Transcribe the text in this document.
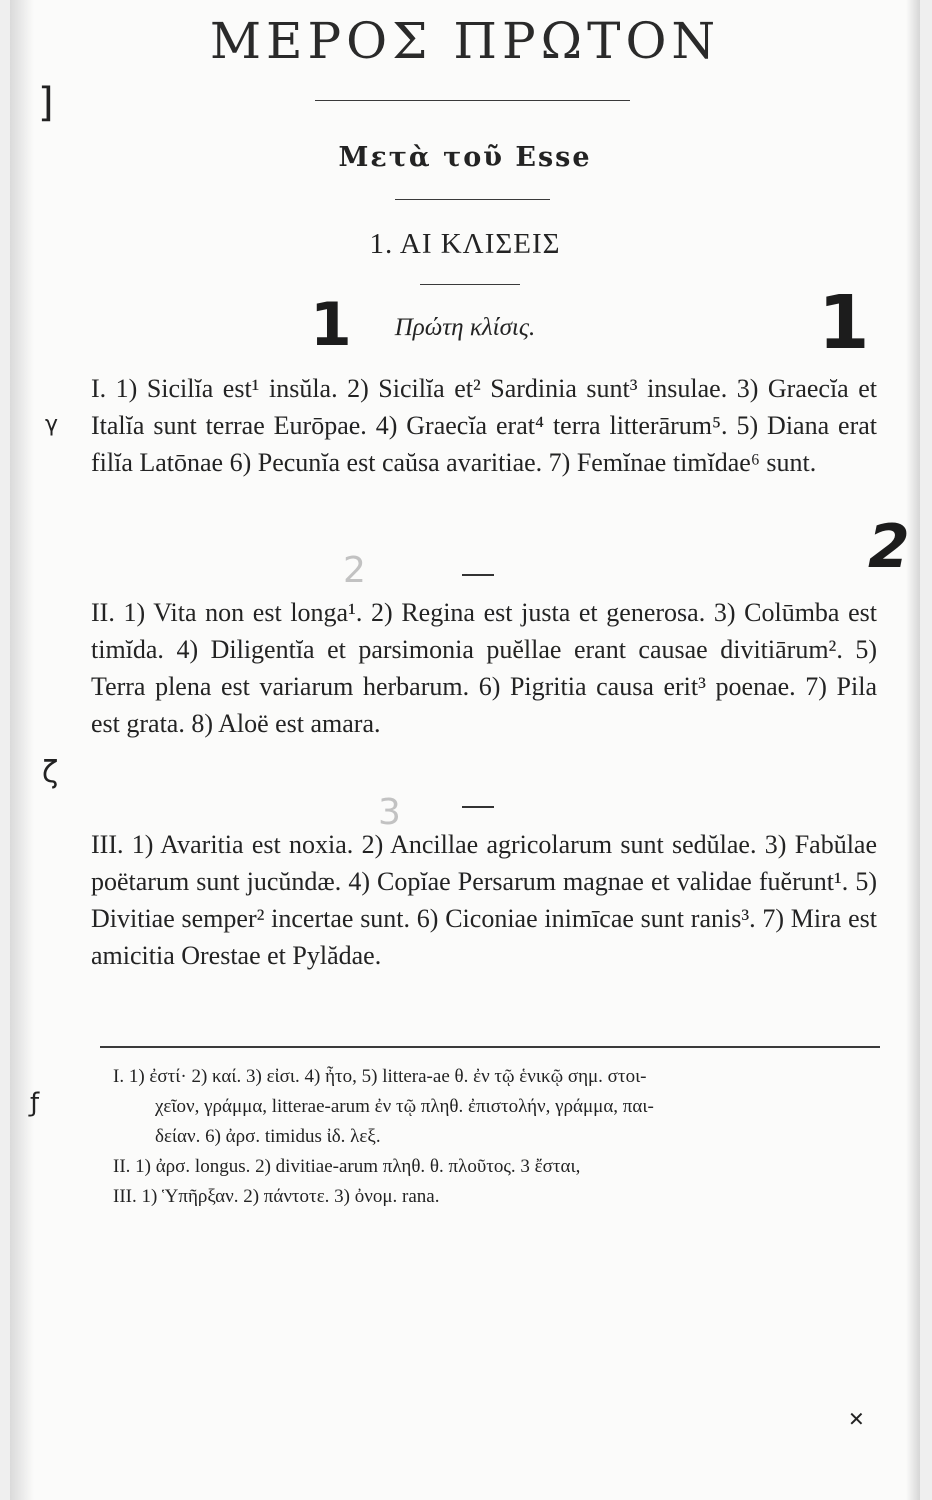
ΜΕΡΟΣ ΠΡΩΤΟΝ
Μετὰ τοῦ Esse
1. ΑΙ ΚΛΙΣΕΙΣ
Πρώτη κλίσις.
1	1
2
2
3
I. 1) Sicilĭa est¹ insŭla. 2) Sicilĭa et² Sardinia sunt³ insulae. 3) Graecĭa et Italĭa sunt terrae Eurōpae. 4) Graecĭa erat⁴ terra litterārum⁵. 5) Diana erat filĭa Latōnae 6) Pecunĭa est caŭsa avaritiae. 7) Femĭnae timĭdae⁶ sunt.
II. 1) Vita non est longa¹. 2) Regina est justa et generosa. 3) Colūmba est timĭda. 4) Diligentĭa et parsimonia puĕllae erant causae divitiārum². 5) Terra plena est variarum herbarum. 6) Pigritia causa erit³ poenae. 7) Pila est grata. 8) Aloë est amara.
III. 1) Avaritia est noxia. 2) Ancillae agricolarum sunt sedŭlae. 3) Fabŭlae poëtarum sunt jucŭndæ. 4) Copĭae Persarum magnae et validae fuĕrunt¹. 5) Divitiae semper² incertae sunt. 6) Ciconiae inimīcae sunt ranis³. 7) Mira est amicitia Orestae et Pylădae.
I. 1) ἐστί· 2) καί. 3) εἰσι. 4) ἦτο, 5) littera-ae θ. ἐν τῷ ἑνικῷ σημ. στοι-
χεῖον, γράμμα, litterae-arum ἐν τῷ πληθ. ἐπιστολήν, γράμμα, παι-
δείαν. 6) ἀρσ. timidus ἰδ. λεξ.
II. 1) ἀρσ. longus. 2) divitiae-arum πληθ. θ. πλοῦτος. 3 ἔσται,
III. 1) Ὑπῆρξαν. 2) πάντοτε. 3) ὀνομ. rana.
]
γ
ζ
ƒ
✕
